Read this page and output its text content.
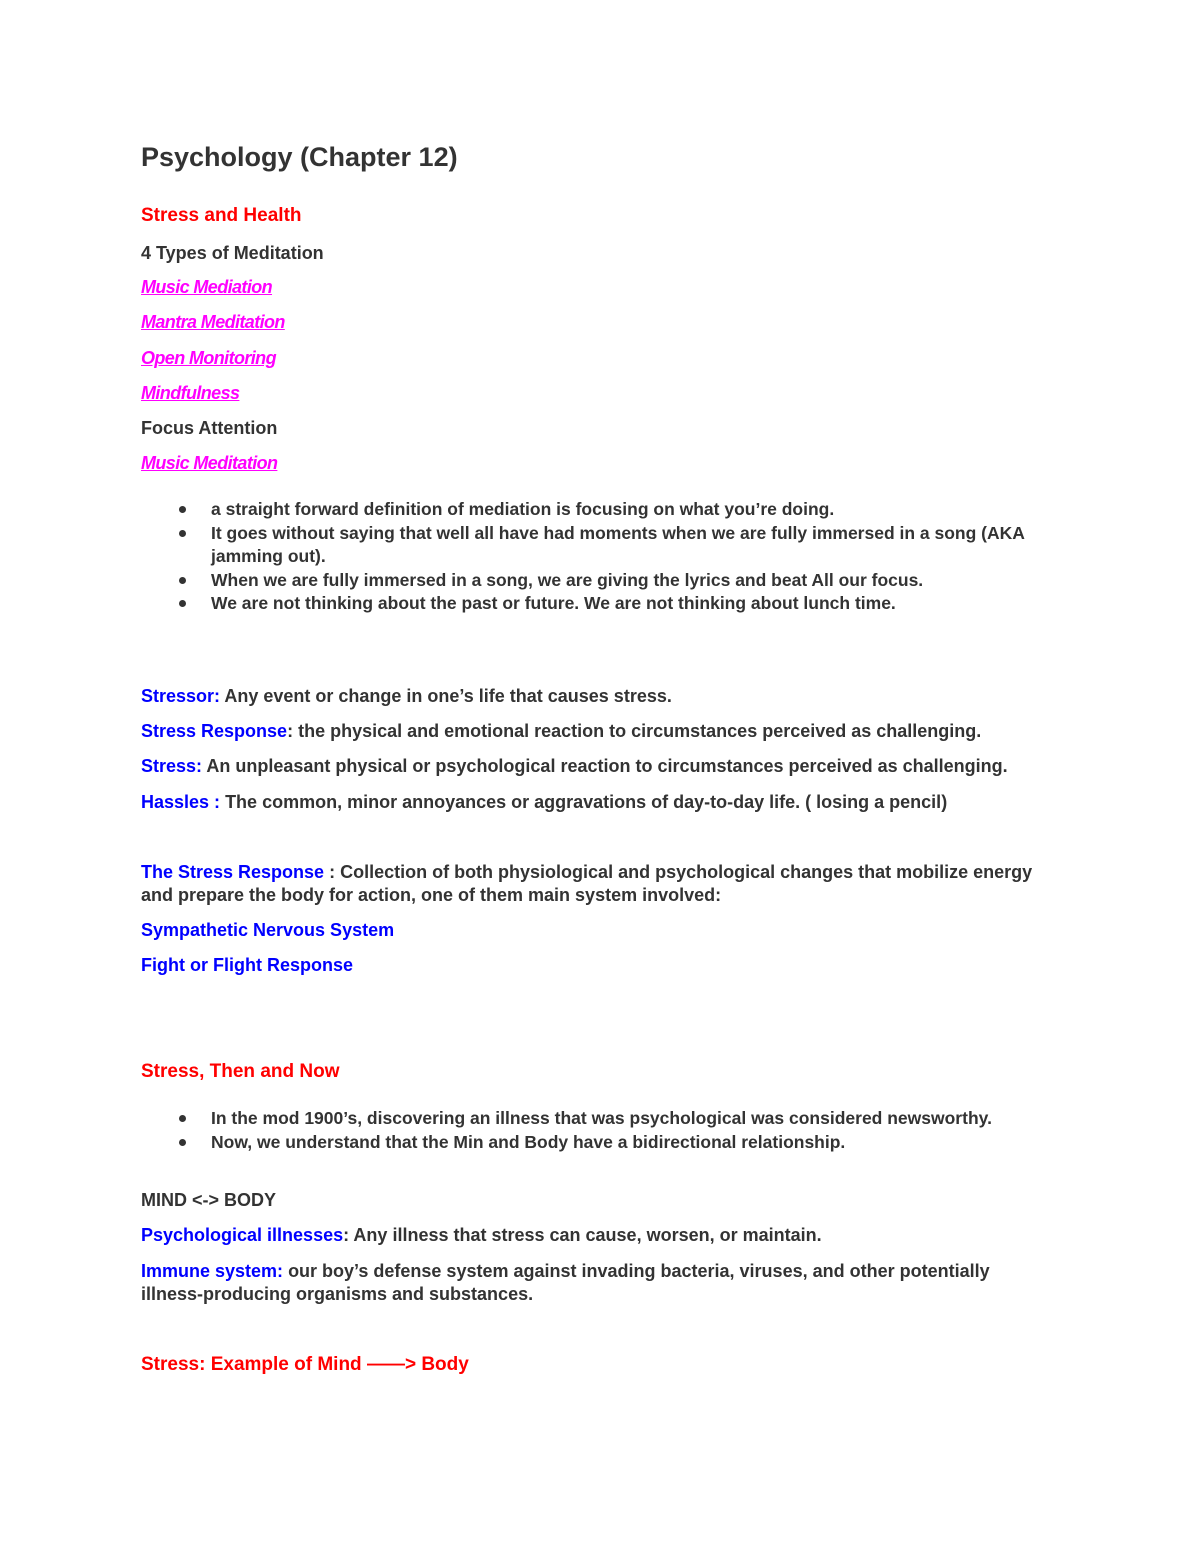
Psychology (Chapter 12)
Stress and Health
4 Types of Meditation
Music Mediation
Mantra Meditation
Open Monitoring
Mindfulness
Focus Attention
Music Meditation
a straight forward definition of mediation is focusing on what you’re doing.
It goes without saying that well all have had moments when we are fully immersed in a song (AKA jamming out).
When we are fully immersed in a song, we are giving the lyrics and beat All our focus.
We are not thinking about the past or future. We are not thinking about lunch time.
Stressor: Any event or change in one’s life that causes stress.
Stress Response: the physical and emotional reaction to circumstances perceived as challenging.
Stress: An unpleasant physical or psychological reaction to circumstances perceived as challenging.
Hassles : The common, minor annoyances or aggravations of day-to-day life. ( losing a pencil)
The Stress Response : Collection of both physiological and psychological changes that mobilize energy and prepare the body for action, one of them main system involved:
Sympathetic Nervous System
Fight or Flight Response
Stress, Then and Now
In the mod 1900’s, discovering an illness that was psychological was considered newsworthy.
Now, we understand that the Min and Body have a bidirectional relationship.
MIND <-> BODY
Psychological illnesses: Any illness that stress can cause, worsen, or maintain.
Immune system: our boy’s defense system against invading bacteria, viruses, and other potentially illness-producing organisms and substances.
Stress: Example of Mind ——> Body
